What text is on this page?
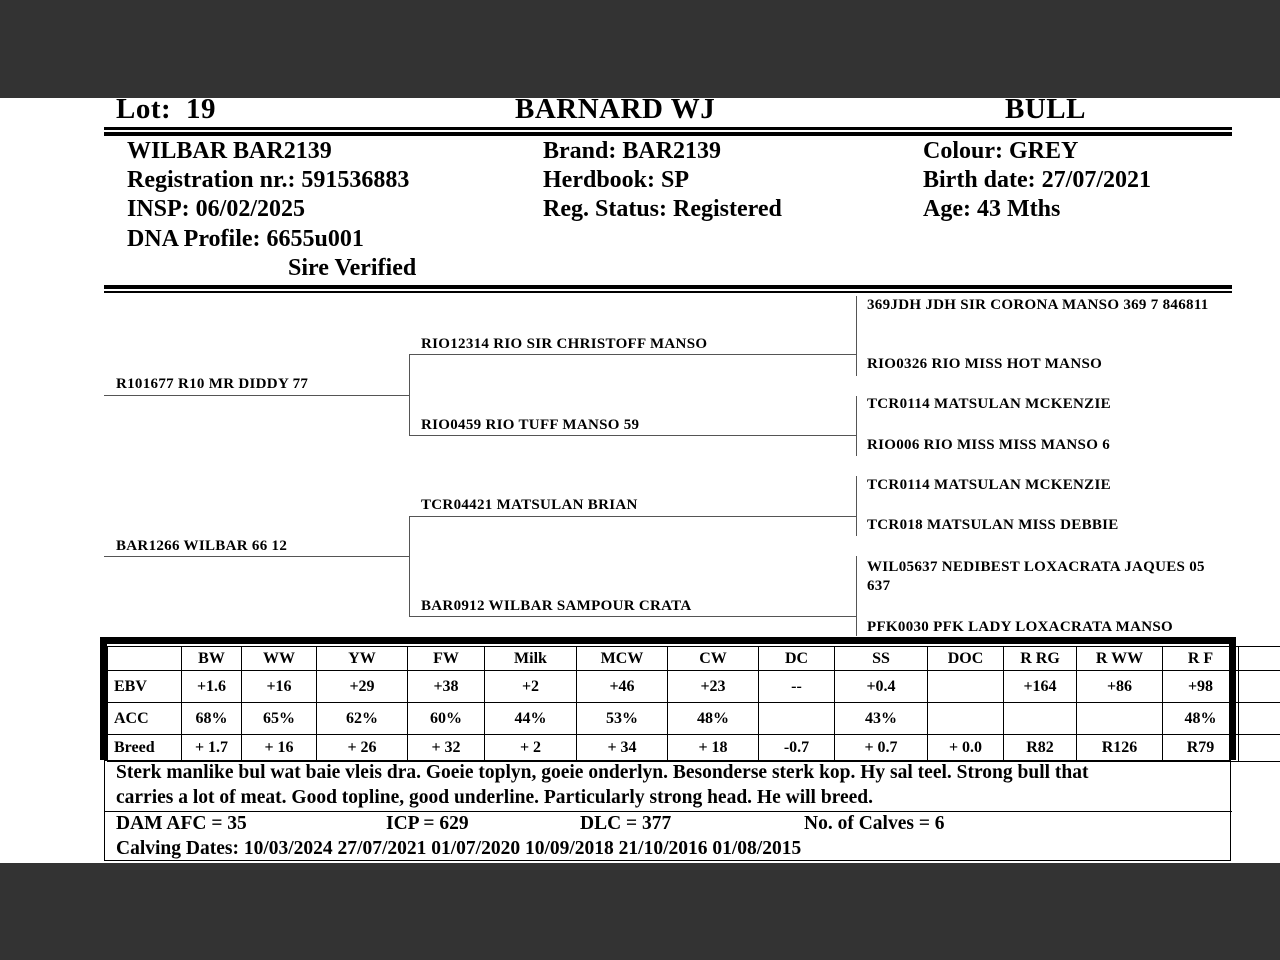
Lot: 19	BARNARD WJ	BULL
WILBAR BAR2139
Registration nr.: 591536883
INSP: 06/02/2025
DNA Profile: 6655u001
Sire Verified
Brand: BAR2139
Herdbook: SP
Reg. Status: Registered
Colour: GREY
Birth date: 27/07/2021
Age: 43 Mths
R101677 R10 MR DIDDY 77
BAR1266 WILBAR 66 12
RIO12314 RIO SIR CHRISTOFF MANSO
RIO0459 RIO TUFF MANSO 59
TCR04421 MATSULAN BRIAN
BAR0912 WILBAR SAMPOUR CRATA
369JDH JDH SIR CORONA MANSO 369 7 846811
RIO0326 RIO MISS HOT MANSO
TCR0114 MATSULAN MCKENZIE
RIO006 RIO MISS MISS MANSO 6
TCR0114 MATSULAN MCKENZIE
TCR018 MATSULAN MISS DEBBIE
WIL05637 NEDIBEST LOXACRATA JAQUES 05 637
PFK0030 PFK LADY LOXACRATA MANSO
	BW	WW	YW	FW	Milk	MCW	CW	DC	SS	DOC	R RG	R WW	R F	
EBV	+1.6	+16	+29	+38	+2	+46	+23	--	+0.4		+164	+86	+98	
ACC	68%	65%	62%	60%	44%	53%	48%		43%				48%	
Breed	+ 1.7	+ 16	+ 26	+ 32	+ 2	+ 34	+ 18	-0.7	+ 0.7	+ 0.0	R82	R126	R79	
Sterk manlike bul wat baie vleis dra. Goeie toplyn, goeie onderlyn. Besonderse sterk kop. Hy sal teel. Strong bull that
carries a lot of meat. Good topline, good underline. Particularly strong head. He will breed.
DAM AFC = 35	ICP = 629	DLC = 377	No. of Calves = 6
Calving Dates: 10/03/2024 27/07/2021 01/07/2020 10/09/2018 21/10/2016 01/08/2015
